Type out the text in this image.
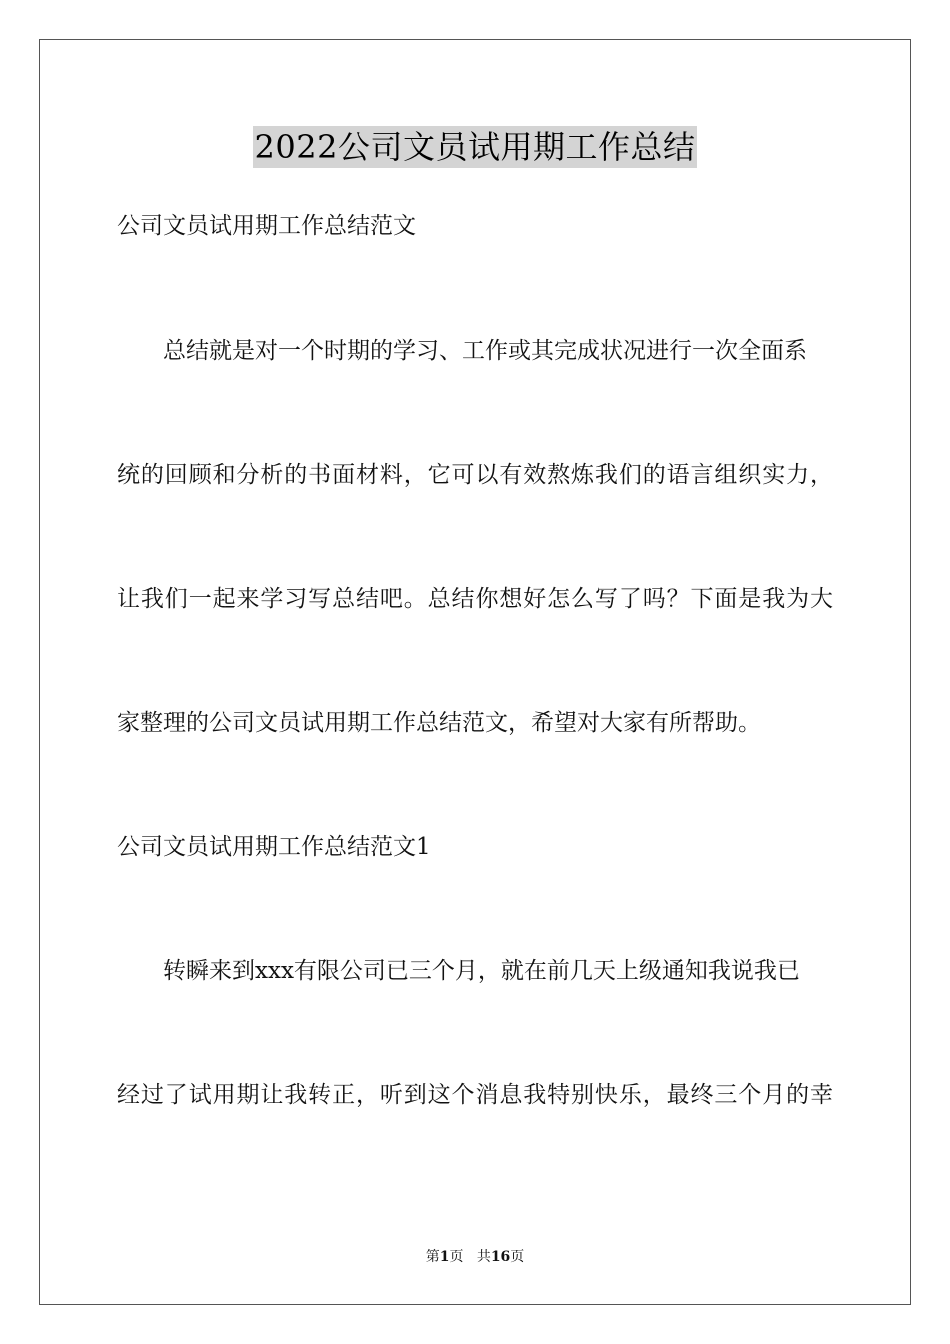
2022公司文员试用期工作总结
公司文员试用期工作总结范文
总结就是对一个时期的学习、工作或其完成状况进行一次全面系
统的回顾和分析的书面材料，它可以有效熬炼我们的语言组织实力，
让我们一起来学习写总结吧。总结你想好怎么写了吗？下面是我为大
家整理的公司文员试用期工作总结范文，希望对大家有所帮助。
公司文员试用期工作总结范文1
转瞬来到xxx有限公司已三个月，就在前几天上级通知我说我已
经过了试用期让我转正，听到这个消息我特别快乐，最终三个月的幸
第1页 共16页
